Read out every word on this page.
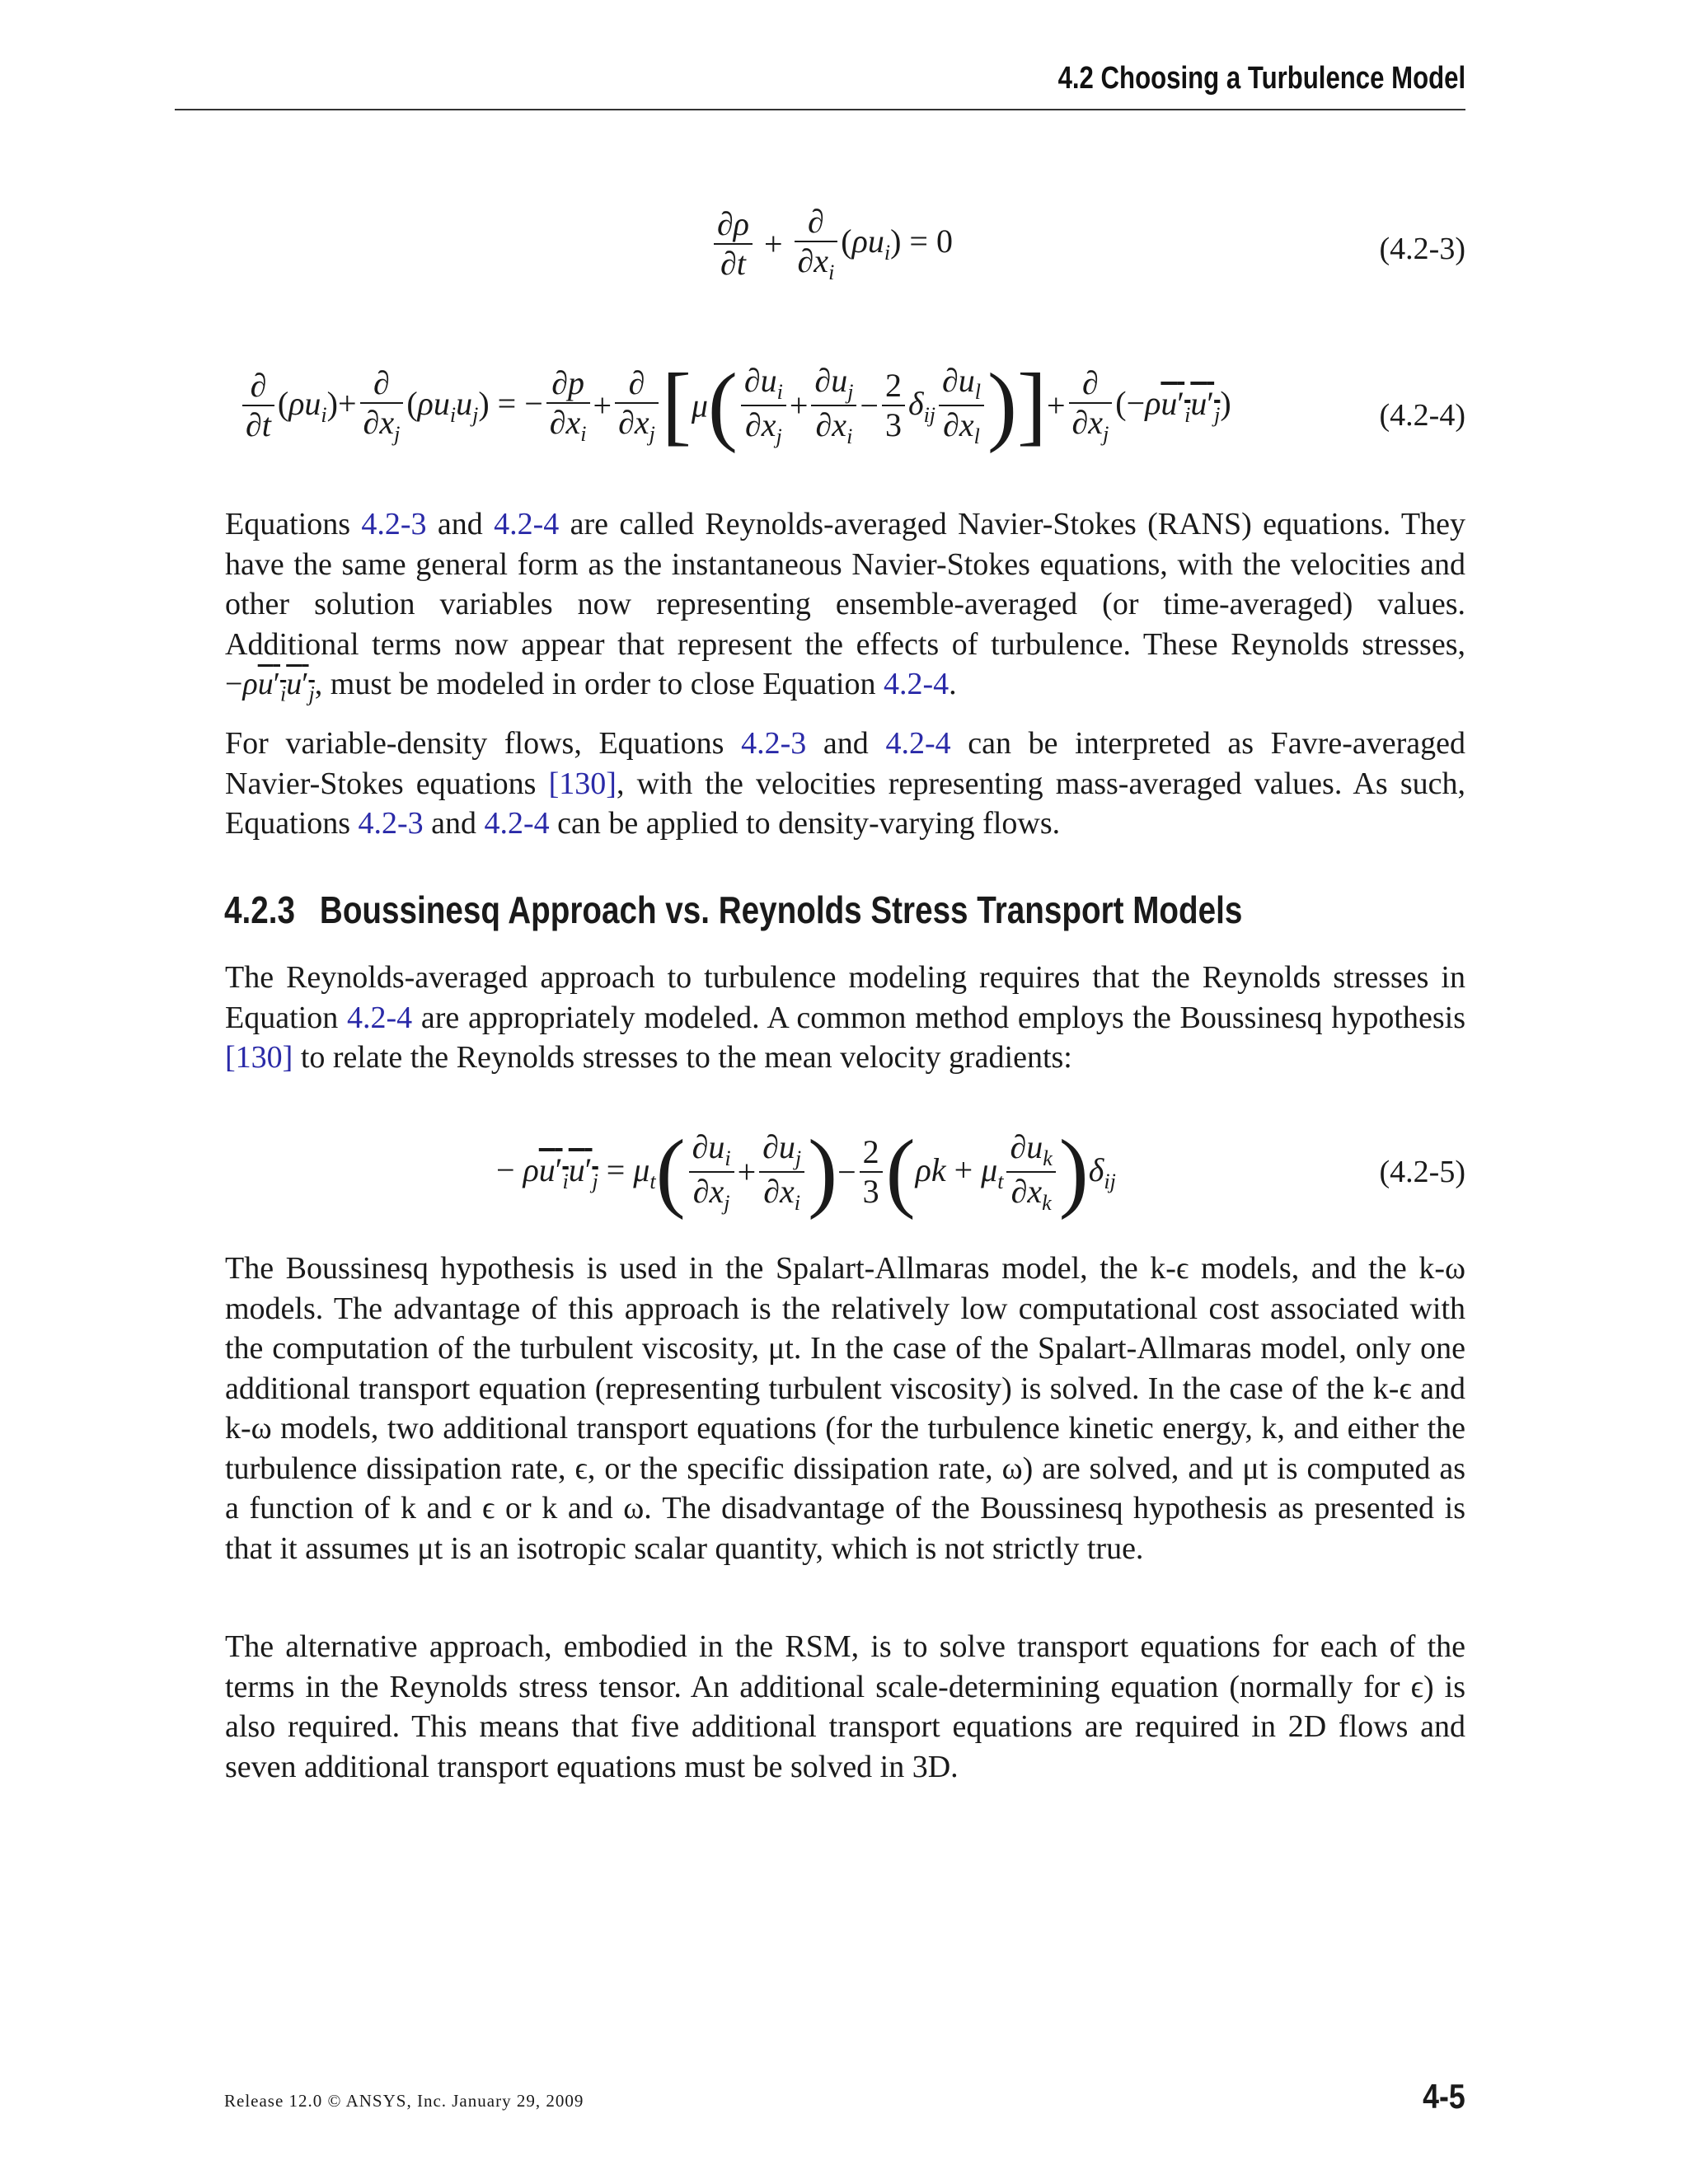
4.2 Choosing a Turbulence Model
$\frac{\partial\rho}{\partial t} + \frac{\partial}{\partial x_i} (\rho u_i) = 0$	(4.2-3)
$\frac{\partial}{\partial t} (\rho u_i)+ \frac{\partial}{\partial x_j} (\rho u_iu_j)$ = − $\frac{\partial p}{\partial x_i} + \frac{\partial}{\partial x_j} [\mu( \frac{\partial u_i}{\partial x_j} + \frac{\partial u_j}{\partial x_i} - \frac{2}{3} \delta_{ij} \frac{\partial u_l}{\partial x_l}$ )]+ $\frac{\partial}{\partial x_j} (-\rho u'_iu'_j)$	(4.2-4)
Equations 4.2-3 and 4.2-4 are called Reynolds-averaged Navier-Stokes (RANS) equations. They have the same general form as the instantaneous Navier-Stokes equations, with the velocities and other solution variables now representing ensemble-averaged (or time-averaged) values. Additional terms now appear that represent the effects of turbulence. These Reynolds stresses, $-\rho u'_iu'_j$, must be modeled in order to close Equation 4.2-4.
For variable-density flows, Equations 4.2-3 and 4.2-4 can be interpreted as Favre-averaged Navier-Stokes equations [130], with the velocities representing mass-averaged values. As such, Equations 4.2-3 and 4.2-4 can be applied to density-varying flows.
4.2.3 Boussinesq Approach vs. Reynolds Stress Transport Models
The Reynolds-averaged approach to turbulence modeling requires that the Reynolds stresses in Equation 4.2-4 are appropriately modeled. A common method employs the Boussinesq hypothesis [130] to relate the Reynolds stresses to the mean velocity gradients:
− $\rho u'_iu'_j = \mu_t( \frac{\partial u_i}{\partial x_j} + \frac{\partial u_j}{\partial x_i}$ )− $\frac{2}{3} (\rho k + \mu_t \frac{\partial u_k}{\partial x_k} )\delta_{ij}$	(4.2-5)
The Boussinesq hypothesis is used in the Spalart-Allmaras model, the k-ϵ models, and the k-ω models. The advantage of this approach is the relatively low computational cost associated with the computation of the turbulent viscosity, μt. In the case of the Spalart-Allmaras model, only one additional transport equation (representing turbulent viscosity) is solved. In the case of the k-ϵ and k-ω models, two additional transport equations (for the turbulence kinetic energy, k, and either the turbulence dissipation rate, ϵ, or the specific dissipation rate, ω) are solved, and μt is computed as a function of k and ϵ or k and ω. The disadvantage of the Boussinesq hypothesis as presented is that it assumes μt is an isotropic scalar quantity, which is not strictly true.
The alternative approach, embodied in the RSM, is to solve transport equations for each of the terms in the Reynolds stress tensor. An additional scale-determining equation (normally for ϵ) is also required. This means that five additional transport equations are required in 2D flows and seven additional transport equations must be solved in 3D.
Release 12.0 © ANSYS, Inc. January 29, 2009	4-5
